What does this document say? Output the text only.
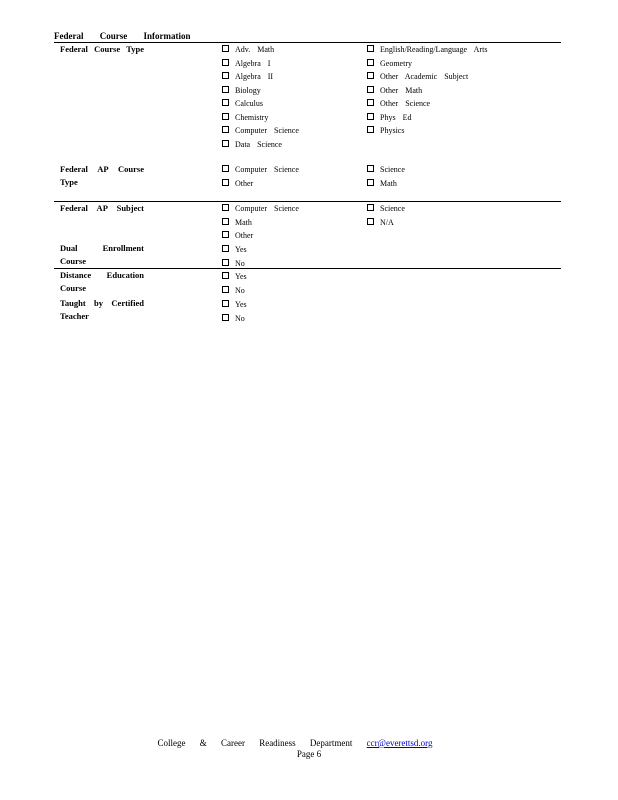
Federal Course Information
Federal Course Type	Adv. Math
Algebra I
Algebra II
Biology
Calculus
Chemistry
Computer Science
Data Science
English/Reading/Language Arts
Geometry
Other Academic Subject
Other Math
Other Science
Phys Ed
Physics
Federal AP Course
Type
Computer Science
Other
Science
Math
Federal AP Subject	Computer Science
Math
Other
Science
N/A
Dual Enrollment
Course
Yes
No
Distance Education
Course
Yes
No
Taught by Certified
Teacher
Yes
No
College & Career Readiness Department ccr@everettsd.org
Page 6
